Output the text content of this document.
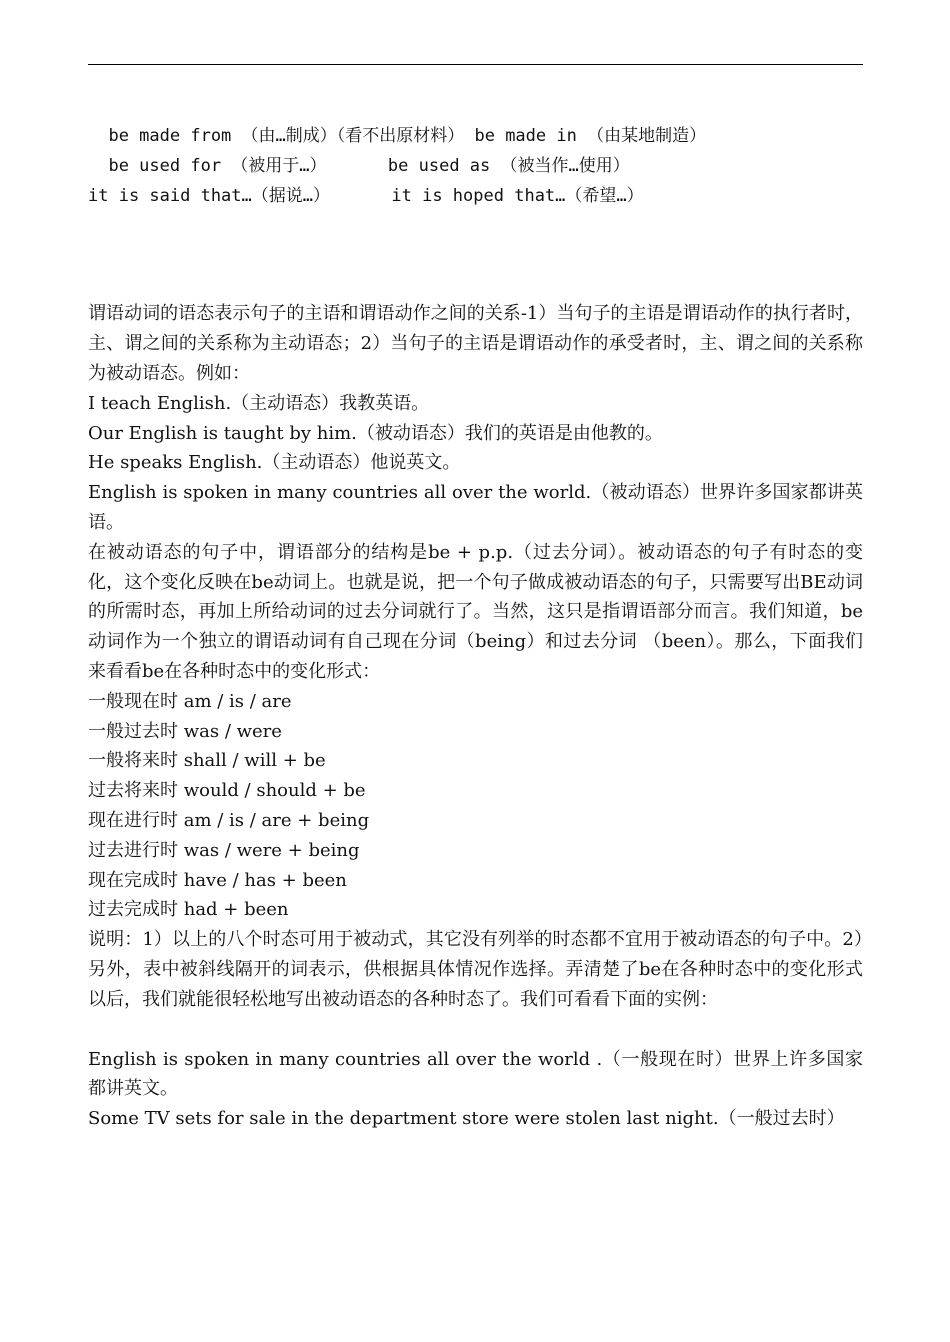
be made from （由…制成）（看不出原材料） be made in （由某地制造）
be used for （被用于…）      be used as （被当作…使用）
it is said that…（据说…）      it is hoped that…（希望…）
谓语动词的语态表示句子的主语和谓语动作之间的关系-1）当句子的主语是谓语动作的执行者时，主、谓之间的关系称为主动语态；2）当句子的主语是谓语动作的承受者时，主、谓之间的关系称为被动语态。例如：
I teach English.（主动语态）我教英语。
Our English is taught by him.（被动语态）我们的英语是由他教的。
He speaks English.（主动语态）他说英文。
English is spoken in many countries all over the world.（被动语态）世界许多国家都讲英语。
在被动语态的句子中，谓语部分的结构是be + p.p.（过去分词）。被动语态的句子有时态的变化，这个变化反映在be动词上。也就是说，把一个句子做成被动语态的句子，只需要写出BE动词的所需时态，再加上所给动词的过去分词就行了。当然，这只是指谓语部分而言。我们知道，be动词作为一个独立的谓语动词有自己现在分词（being）和过去分词 （been）。那么，下面我们来看看be在各种时态中的变化形式：
一般现在时 am / is / are
一般过去时 was / were
一般将来时 shall / will + be
过去将来时 would / should + be
现在进行时 am / is / are + being
过去进行时 was / were + being
现在完成时 have / has + been
过去完成时 had + been
说明：1）以上的八个时态可用于被动式，其它没有列举的时态都不宜用于被动语态的句子中。2）另外，表中被斜线隔开的词表示，供根据具体情况作选择。弄清楚了be在各种时态中的变化形式以后，我们就能很轻松地写出被动语态的各种时态了。我们可看看下面的实例：
English is spoken in many countries all over the world .（一般现在时）世界上许多国家都讲英文。
Some TV sets for sale in the department store were stolen last night.（一般过去时）
